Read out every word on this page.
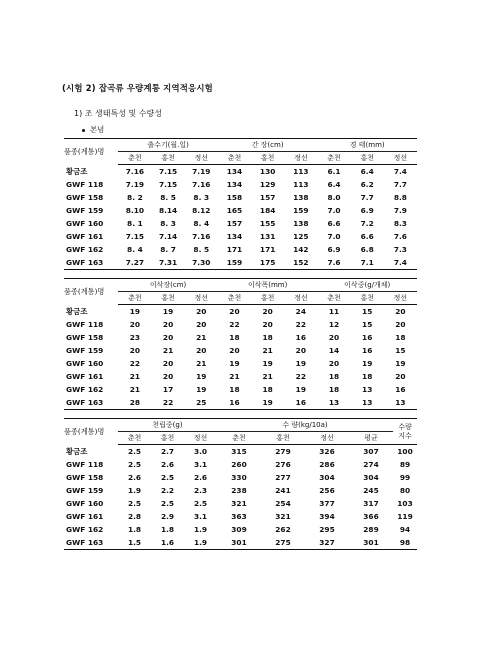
(시험 2) 잡곡류 우량계통 지역적응시험
1) 조 생태특성 및 수량성
본념
품종(계통)명	출수기(월.일)			간 장(cm)			경 태(mm)		
	춘천	홍천	정선	춘천	홍천	정선	춘천	홍천	정선
황금조	7.16	7.15	7.19	134	130	113	6.1	6.4	7.4
GWF 118	7.19	7.15	7.16	134	129	113	6.4	6.2	7.7
GWF 158	8. 2	8. 5	8. 3	158	157	138	8.0	7.7	8.8
GWF 159	8.10	8.14	8.12	165	184	159	7.0	6.9	7.9
GWF 160	8. 1	8. 3	8. 4	157	155	138	6.6	7.2	8.3
GWF 161	7.15	7.14	7.16	134	131	125	7.0	6.6	7.6
GWF 162	8. 4	8. 7	8. 5	171	171	142	6.9	6.8	7.3
GWF 163	7.27	7.31	7.30	159	175	152	7.6	7.1	7.4
품종(계통)명	이삭장(cm)			이삭폭(mm)			이삭중(g/개체)		
	춘천	홍천	정선	춘천	홍천	정선	춘천	홍천	정선
황금조	19	19	20	20	20	24	11	15	20
GWF 118	20	20	20	22	20	22	12	15	20
GWF 158	23	20	21	18	18	16	20	16	18
GWF 159	20	21	20	20	21	20	14	16	15
GWF 160	22	20	21	19	19	19	20	19	19
GWF 161	21	20	19	21	21	22	18	18	20
GWF 162	21	17	19	18	18	19	18	13	16
GWF 163	28	22	25	16	19	16	13	13	13
품종(계통)명	천립중(g)			수 량(kg/10a)				수량
지수
	춘천	홍천	정선	춘천	홍천	정선	평균	
황금조	2.5	2.7	3.0	315	279	326	307	100
GWF 118	2.5	2.6	3.1	260	276	286	274	89
GWF 158	2.6	2.5	2.6	330	277	304	304	99
GWF 159	1.9	2.2	2.3	238	241	256	245	80
GWF 160	2.5	2.5	2.5	321	254	377	317	103
GWF 161	2.8	2.9	3.1	363	321	394	366	119
GWF 162	1.8	1.8	1.9	309	262	295	289	94
GWF 163	1.5	1.6	1.9	301	275	327	301	98
